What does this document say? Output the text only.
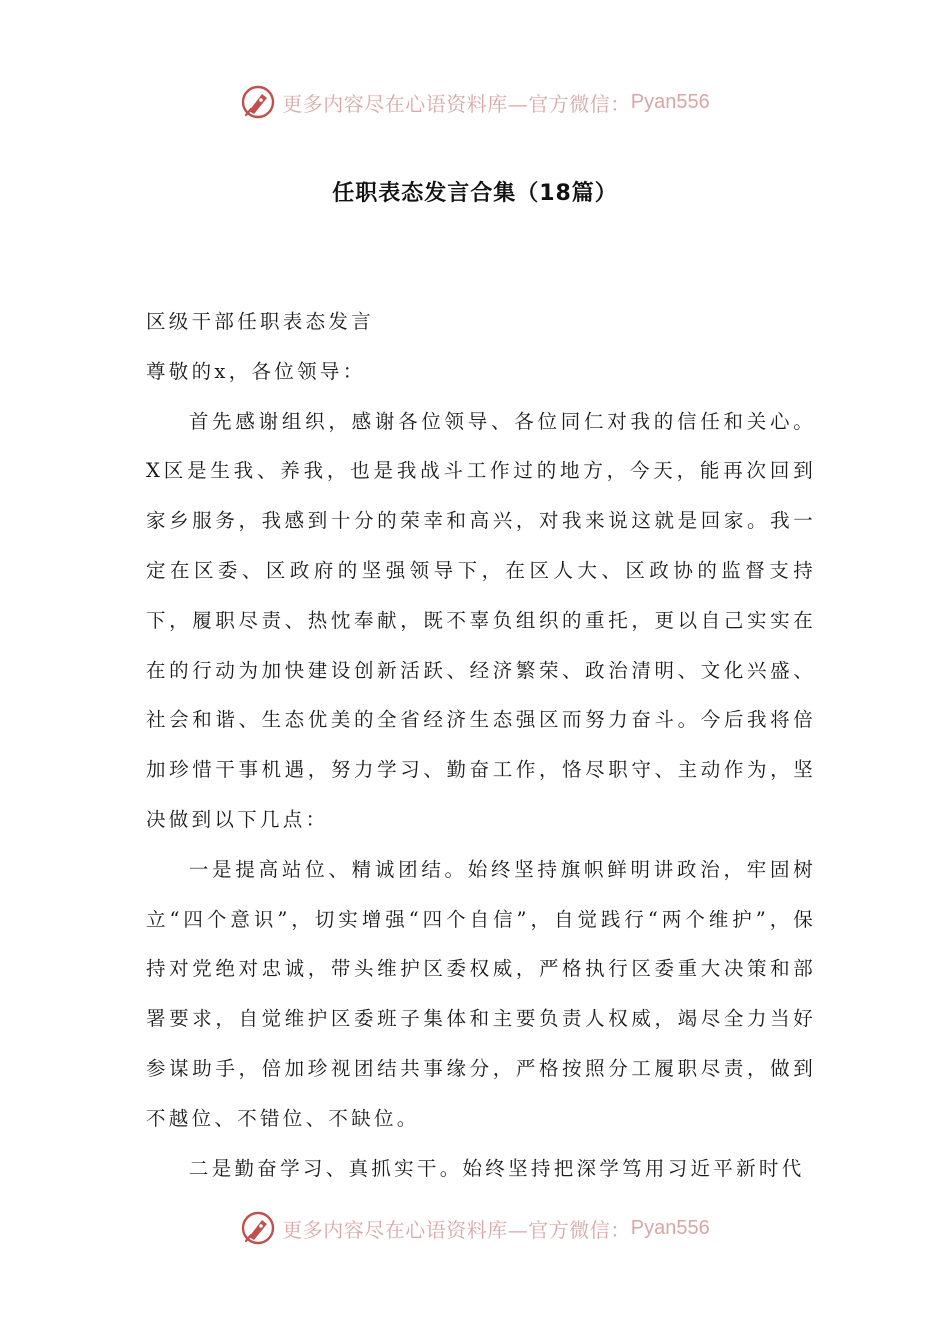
更多内容尽在心语资料库—官方微信： Pyan556
任职表态发言合集（18篇）

区级干部任职表态发言

尊敬的x，各位领导：

首先感谢组织，感谢各位领导、各位同仁对我的信任和关心。X区是生我、养我，也是我战斗工作过的地方，今天，能再次回到家乡服务，我感到十分的荣幸和高兴，对我来说这就是回家。我一定在区委、区政府的坚强领导下，在区人大、区政协的监督支持下，履职尽责、热忱奉献，既不辜负组织的重托，更以自己实实在在的行动为加快建设创新活跃、经济繁荣、政治清明、文化兴盛、社会和谐、生态优美的全省经济生态强区而努力奋斗。今后我将倍加珍惜干事机遇，努力学习、勤奋工作，恪尽职守、主动作为，坚决做到以下几点：

一是提高站位、精诚团结。始终坚持旗帜鲜明讲政治，牢固树立“四个意识”，切实增强“四个自信”，自觉践行“两个维护”，保持对党绝对忠诚，带头维护区委权威，严格执行区委重大决策和部署要求，自觉维护区委班子集体和主要负责人权威，竭尽全力当好参谋助手，倍加珍视团结共事缘分，严格按照分工履职尽责，做到不越位、不错位、不缺位。

二是勤奋学习、真抓实干。始终坚持把深学笃用习近平新时代

更多内容尽在心语资料库—官方微信： Pyan556
